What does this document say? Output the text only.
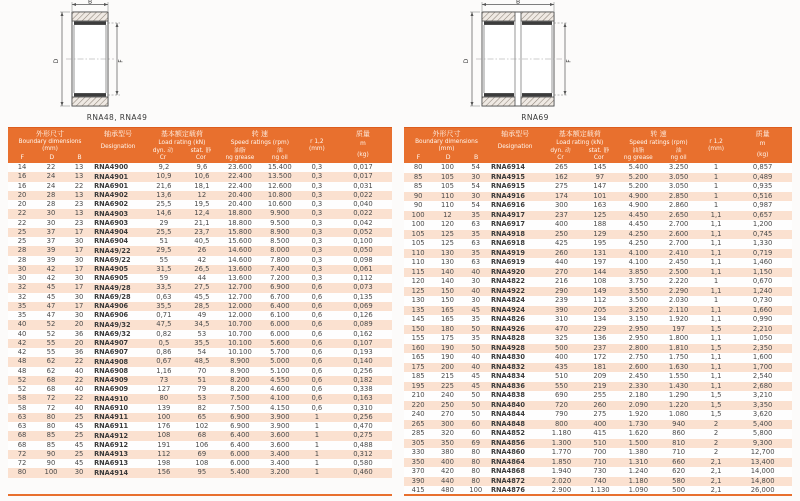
B
D	F
RNA48, RNA49
B
D	F
RNA69
外形尺寸
Boundary dimensions
(mm)
F	D	B
轴承型号
Designation
基本额定载荷
Load rating (kN)
dyn. 动
Cr
stat. 静
Cor
转 速
Speed ratings (rpm)
油脂
ng grease
油
ng oil
r 1,2
(mm)
质量
m
(kg)
14	22	13	RNA4900	9,2	9,6	23.600	15.400	0,3	0,017
16	24	13	RNA4901	10,9	10,6	22.400	13.500	0,3	0,017
16	24	22	RNA6901	21,6	18,1	22.400	12.600	0,3	0,031
20	28	13	RNA4902	13,6	12	20.400	10.800	0,3	0,022
20	28	23	RNA6902	25,5	19,5	20.400	10.600	0,3	0,040
22	30	13	RNA4903	14,6	12,4	18.800	9.900	0,3	0,022
22	30	23	RNA6903	29	21,1	18.800	9.500	0,3	0,042
25	37	17	RNA4904	25,5	23,7	15.800	8.900	0,3	0,052
25	37	30	RNA6904	51	40,5	15.600	8.500	0,3	0,100
28	39	17	RNA49/22	29,5	26	14.600	8.000	0,3	0,050
28	39	30	RNA69/22	55	42	14.600	7.800	0,3	0,098
30	42	17	RNA4905	31,5	26,5	13.600	7.400	0,3	0,061
30	42	30	RNA6905	59	44	13.600	7.200	0,3	0,112
32	45	17	RNA49/28	33,5	27,5	12.700	6.900	0,6	0,073
32	45	30	RNA69/28	0,63	45,5	12.700	6.700	0,6	0,135
35	47	17	RNA4906	35,5	28,5	12.000	6.400	0,6	0,069
35	47	30	RNA6906	0,71	49	12.000	6.100	0,6	0,126
40	52	20	RNA49/32	47,5	34,5	10.700	6.000	0,6	0,089
40	52	36	RNA69/32	0,82	53	10.700	6.000	0,6	0,162
42	55	20	RNA4907	0,5	35,5	10.100	5.600	0,6	0,107
42	55	36	RNA6907	0,86	54	10.100	5.700	0,6	0,193
48	62	22	RNA4908	0,67	48,5	8.900	5.000	0,6	0,140
48	62	40	RNA6908	1,16	70	8.900	5.100	0,6	0,256
52	68	22	RNA4909	73	51	8.200	4.550	0,6	0,182
52	68	40	RNA6909	127	79	8.200	4.600	0,6	0,338
58	72	22	RNA4910	80	53	7.500	4.100	0,6	0,163
58	72	40	RNA6910	139	82	7.500	4.150	0,6	0,310
63	80	25	RNA4911	100	65	6.900	3.900	1	0,256
63	80	45	RNA6911	176	102	6.900	3.900	1	0,470
68	85	25	RNA4912	108	68	6.400	3.600	1	0,275
68	85	45	RNA6912	191	106	6.400	3.600	1	0,488
72	90	25	RNA4913	112	69	6.000	3.400	1	0,312
72	90	45	RNA6913	198	108	6.000	3.400	1	0,580
80	100	30	RNA4914	156	95	5.400	3.200	1	0,460
外形尺寸
Boundary dimensions
(mm)
F	D	B
轴承型号
Designation
基本额定载荷
Load rating (kN)
dyn. 动
Cr
stat. 静
Cor
转 速
Speed ratings (rpm)
油脂
ng grease
油
ng oil
r 1,2
(mm)
质量
m
(kg)
80	100	54	RNA6914	265	145	5.400	3.250	1	0,857
85	105	30	RNA4915	162	97	5.200	3.050	1	0,489
85	105	54	RNA6915	275	147	5.200	3.050	1	0,935
90	110	30	RNA4916	174	101	4.900	2.850	1	0,516
90	110	54	RNA6916	300	163	4.900	2.860	1	0,987
100	12	35	RNA4917	237	125	4.450	2.650	1,1	0,657
100	120	63	RNA6917	400	188	4.450	2.700	1,1	1,200
105	125	35	RNA4918	250	129	4.250	2.600	1,1	0,745
105	125	63	RNA6918	425	195	4.250	2.700	1,1	1,330
110	130	35	RNA4919	260	131	4.100	2.410	1,1	0,719
110	130	63	RNA6919	440	197	4.100	2.450	1,1	1,460
115	140	40	RNA4920	270	144	3.850	2.500	1,1	1,150
120	140	30	RNA4822	216	108	3.750	2.220	1	0,670
125	150	40	RNA4922	290	149	3.550	2.290	1,1	1,240
130	150	30	RNA4824	239	112	3.500	2.030	1	0,730
135	165	45	RNA4924	390	205	3.250	2.110	1,1	1,660
145	165	35	RNA4826	310	134	3.150	1.920	1,1	0,990
150	180	50	RNA4926	470	229	2.950	197	1,5	2,210
155	175	35	RNA4828	325	136	2.950	1.800	1,1	1,050
160	190	50	RNA4928	500	237	2.800	1.810	1,5	2,350
165	190	40	RNA4830	400	172	2.750	1.750	1,1	1,600
175	200	40	RNA4832	435	181	2.600	1.630	1,1	1,700
185	215	45	RNA4834	510	209	2.450	1.550	1,1	2,540
195	225	45	RNA4836	550	219	2.330	1.430	1,1	2,680
210	240	50	RNA4838	690	255	2.180	1.290	1,5	3,210
220	250	50	RNA4840	720	260	2.090	1.220	1,5	3,350
240	270	50	RNA4844	790	275	1.920	1.080	1,5	3,620
265	300	60	RNA4848	800	400	1.730	940	2	5,400
285	320	60	RNA4852	1.180	415	1.620	860	2	5,800
305	350	69	RNA4856	1.300	510	1.500	810	2	9,300
330	380	80	RNA4860	1.770	700	1.380	710	2	12,700
350	400	80	RNA4864	1.850	710	1.310	660	2,1	13,400
370	420	80	RNA4868	1.940	730	1.240	620	2,1	14,000
390	440	80	RNA4872	2.020	740	1.180	580	2,1	14,800
415	480	100	RNA4876	2.900	1.130	1.090	500	2,1	26,000
